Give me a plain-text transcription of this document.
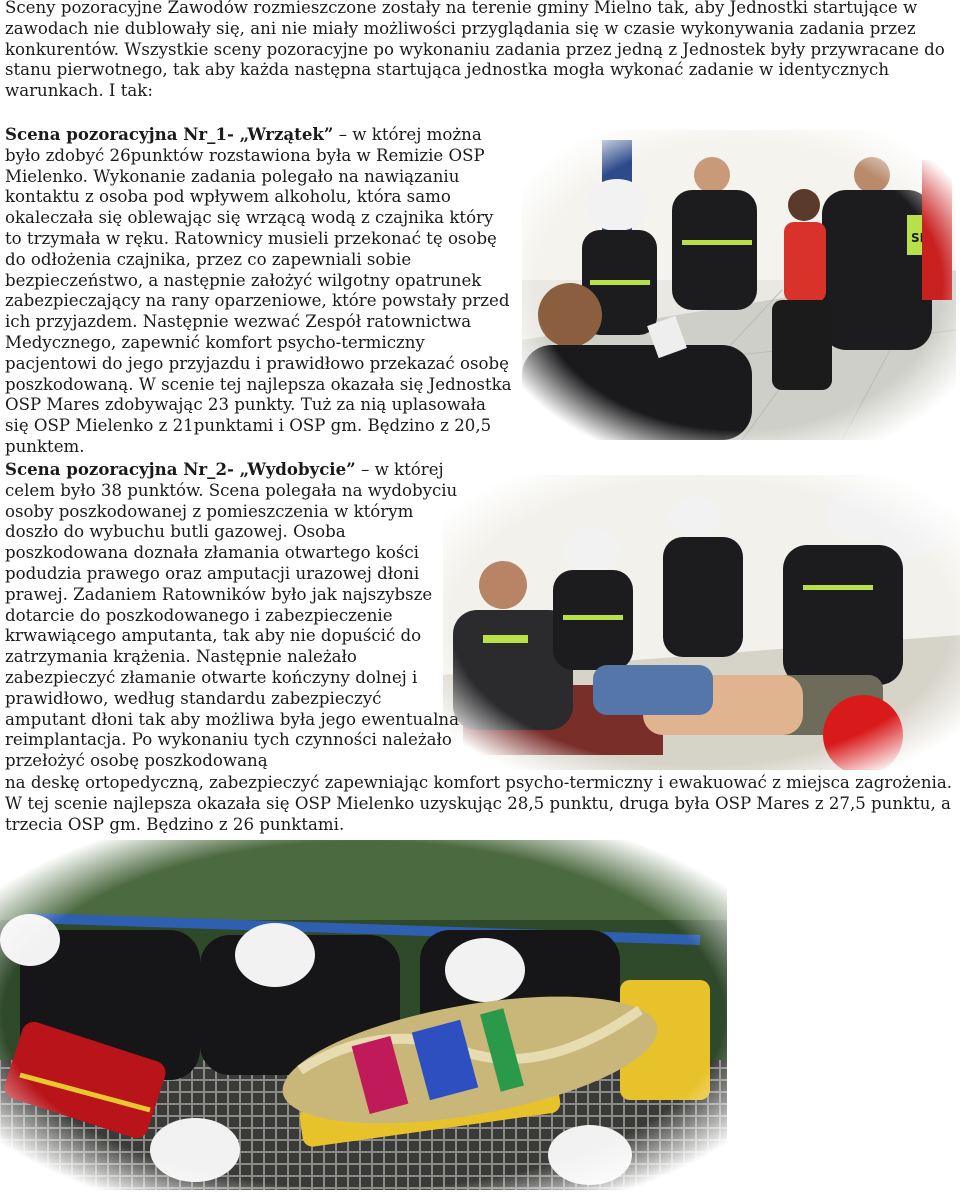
Sceny pozoracyjne Zawodów rozmieszczone zostały na terenie gminy Mielno tak, aby Jednostki startujące w zawodach nie dublowały się, ani nie miały możliwości przyglądania się w czasie wykonywania zadania przez konkurentów. Wszystkie sceny pozoracyjne po wykonaniu zadania przez jedną z Jednostek były przywracane do stanu pierwotnego, tak aby każda następna startująca jednostka mogła wykonać zadanie w identycznych warunkach. I tak:

Scena pozoracyjna Nr_1- „Wrzątek” – w której można było zdobyć 26punktów rozstawiona była w Remizie OSP Mielenko. Wykonanie zadania polegało na nawiązaniu kontaktu z osoba pod wpływem alkoholu, która samo okaleczała się oblewając się wrzącą wodą z czajnika który to trzymała w ręku. Ratownicy musieli przekonać tę osobę do odłożenia czajnika, przez co zapewniali sobie bezpieczeństwo, a następnie założyć wilgotny opatrunek zabezpieczający na rany oparzeniowe, które powstały przed ich przyjazdem. Następnie wezwać Zespół ratownictwa Medycznego, zapewnić komfort psycho-termiczny pacjentowi do jego przyjazdu i prawidłowo przekazać osobę poszkodowaną. W scenie tej najlepsza okazała się Jednostka OSP Mares zdobywając 23 punkty. Tuż za nią uplasowała się OSP Mielenko z 21punktami i OSP gm. Będzino z 20,5 punktem.

Scena pozoracyjna Nr_2- „Wydobycie” – w której celem było 38 punktów. Scena polegała na wydobyciu osoby poszkodowanej z pomieszczenia w którym doszło do wybuchu butli gazowej. Osoba poszkodowana doznała złamania otwartego kości podudzia prawego oraz amputacji urazowej dłoni prawej. Zadaniem Ratowników było jak najszybsze dotarcie do poszkodowanego i zabezpieczenie krwawiącego amputanta, tak aby nie dopuścić do zatrzymania krążenia. Następnie należało zabezpieczyć złamanie otwarte kończyny dolnej i prawidłowo, według standardu zabezpieczyć amputant dłoni tak aby możliwa była jego ewentualna reimplantacja. Po wykonaniu tych czynności należało przełożyć osobę poszkodowaną

na deskę ortopedyczną, zabezpieczyć zapewniając komfort psycho-termiczny i ewakuować z miejsca zagrożenia. W tej scenie najlepsza okazała się OSP Mielenko uzyskując 28,5 punktu, druga była OSP Mares z 27,5 punktu, a trzecia OSP gm. Będzino z 26 punktami.
